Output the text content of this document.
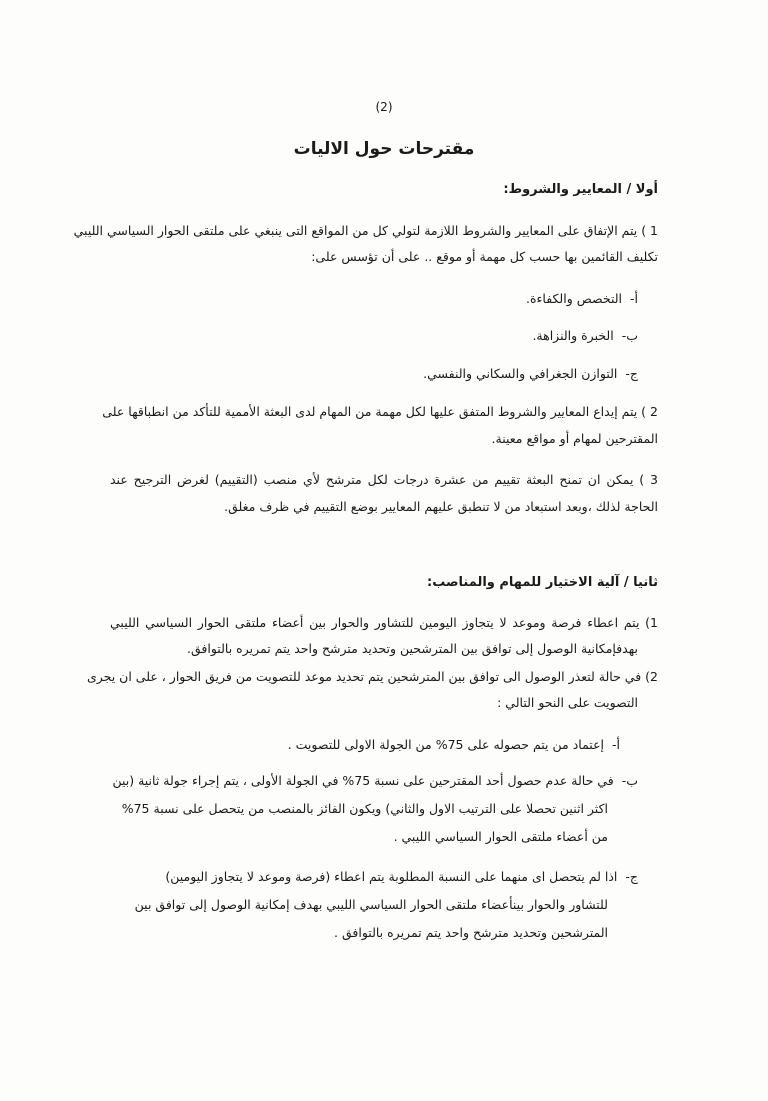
(2)
مقترحات حول الاليات
أولا / المعايير والشروط:
1 ) يتم الإتفاق على المعايير والشروط اللازمة لتولي كل من المواقع التى ينبغي على ملتقى الحوار السياسي الليبي
تكليف القائمين بها حسب كل مهمة أو موقع .. على أن تؤسس على:
أ-التخصص والكفاءة.
ب-الخبرة والنزاهة.
ج-التوازن الجغرافي والسكاني والنفسي.
2 ) يتم إيداع المعايير والشروط المتفق عليها لكل مهمة من المهام لدى البعثة الأممية للتأكد من انطباقها على
المقترحين لمهام أو مواقع معينة.
3 ) يمكن ان تمنح البعثة تقييم من عشرة درجات لكل مترشح لأي منصب (التقييم) لغرض الترجيح عند
الحاجة لذلك ،وبعد استبعاد من لا تنطبق عليهم المعايير بوضع التقييم في ظرف مغلق.
ثانيا / آلية الاختيار للمهام والمناصب:
1) يتم اعطاء فرصة وموعد لا يتجاوز اليومين للتشاور والحوار بين أعضاء ملتقى الحوار السياسي الليبي
بهدفإمكانية الوصول إلى توافق بين المترشحين وتحديد مترشح واحد يتم تمريره بالتوافق.
2) في حالة لتعذر الوصول الى توافق بين المترشحين يتم تحديد موعد للتصويت من فريق الحوار ، على ان يجرى
التصويت على النحو التالي :
أ-إعتماد من يتم حصوله على 75% من الجولة الاولى للتصويت .
ب-في حالة عدم حصول أحد المقترحين على نسبة 75% في الجولة الأولى ، يتم إجراء جولة ثانية (بين
اكثر اثنين تحصلا على الترتيب الاول والثاني) ويكون الفائز بالمنصب من يتحصل على نسبة 75%
من أعضاء ملتقى الحوار السياسي الليبي .
ج-اذا لم يتحصل اى منهما على النسبة المطلوبة يتم اعطاء (فرصة وموعد لا يتجاوز اليومين)
للتشاور والحوار بينأعضاء ملتقى الحوار السياسي الليبي بهدف إمكانية الوصول إلى توافق بين
المترشحين وتحديد مترشح واحد يتم تمريره بالتوافق .
